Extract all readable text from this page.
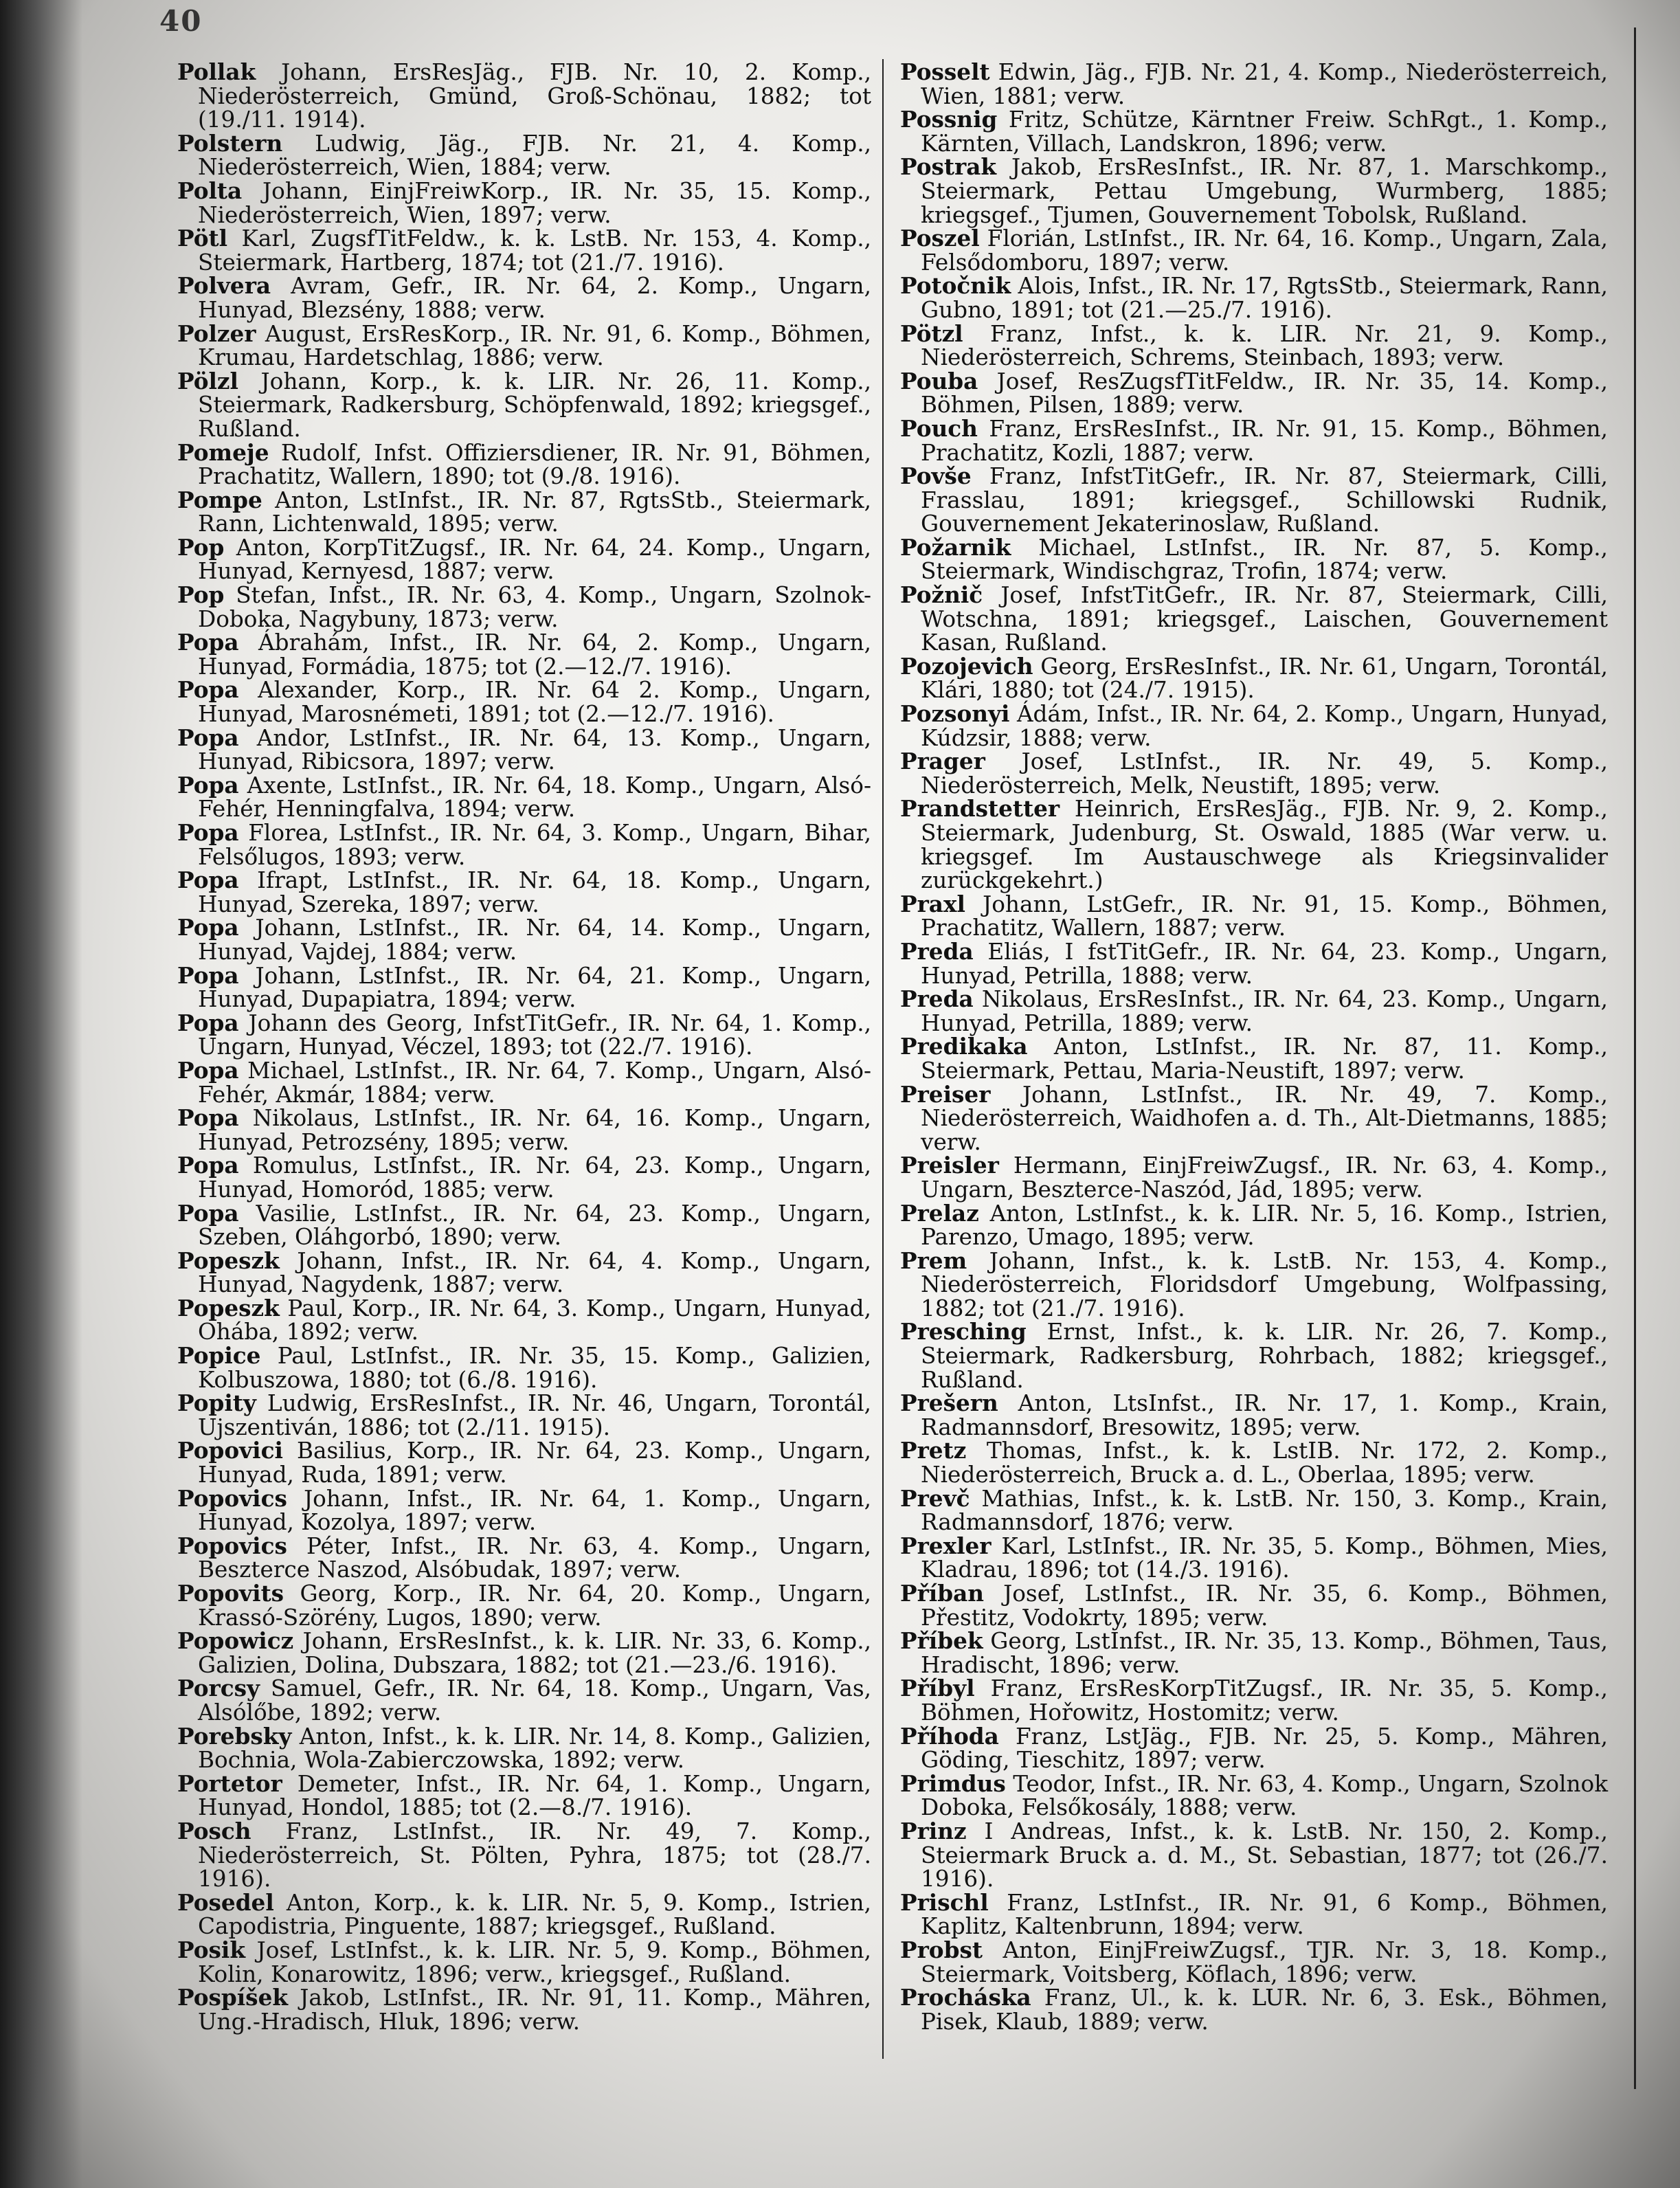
40

Pollak Johann, ErsResJäg., FJB. Nr. 10, 2. Komp., Niederösterreich, Gmünd, Groß-Schönau, 1882; tot (19./11. 1914).

Polstern Ludwig, Jäg., FJB. Nr. 21, 4. Komp., Niederösterreich, Wien, 1884; verw.

Polta Johann, EinjFreiwKorp., IR. Nr. 35, 15. Komp., Niederösterreich, Wien, 1897; verw.

Pötl Karl, ZugsfTitFeldw., k. k. LstB. Nr. 153, 4. Komp., Steiermark, Hartberg, 1874; tot (21./7. 1916).

Polvera Avram, Gefr., IR. Nr. 64, 2. Komp., Ungarn, Hunyad, Blezsény, 1888; verw.

Polzer August, ErsResKorp., IR. Nr. 91, 6. Komp., Böhmen, Krumau, Hardetschlag, 1886; verw.

Pölzl Johann, Korp., k. k. LIR. Nr. 26, 11. Komp., Steiermark, Radkersburg, Schöpfenwald, 1892; kriegsgef., Rußland.

Pomeje Rudolf, Infst. Offiziersdiener, IR. Nr. 91, Böhmen, Prachatitz, Wallern, 1890; tot (9./8. 1916).

Pompe Anton, LstInfst., IR. Nr. 87, RgtsStb., Steiermark, Rann, Lichtenwald, 1895; verw.

Pop Anton, KorpTitZugsf., IR. Nr. 64, 24. Komp., Ungarn, Hunyad, Kernyesd, 1887; verw.

Pop Stefan, Infst., IR. Nr. 63, 4. Komp., Ungarn, Szolnok-Doboka, Nagybuny, 1873; verw.

Popa Ábrahám, Infst., IR. Nr. 64, 2. Komp., Ungarn, Hunyad, Formádia, 1875; tot (2.—12./7. 1916).

Popa Alexander, Korp., IR. Nr. 64 2. Komp., Ungarn, Hunyad, Marosnémeti, 1891; tot (2.—12./7. 1916).

Popa Andor, LstInfst., IR. Nr. 64, 13. Komp., Ungarn, Hunyad, Ribicsora, 1897; verw.

Popa Axente, LstInfst., IR. Nr. 64, 18. Komp., Ungarn, Alsó-Fehér, Henningfalva, 1894; verw.

Popa Florea, LstInfst., IR. Nr. 64, 3. Komp., Ungarn, Bihar, Felsőlugos, 1893; verw.

Popa Ifrapt, LstInfst., IR. Nr. 64, 18. Komp., Ungarn, Hunyad, Szereka, 1897; verw.

Popa Johann, LstInfst., IR. Nr. 64, 14. Komp., Ungarn, Hunyad, Vajdej, 1884; verw.

Popa Johann, LstInfst., IR. Nr. 64, 21. Komp., Ungarn, Hunyad, Dupapiatra, 1894; verw.

Popa Johann des Georg, InfstTitGefr., IR. Nr. 64, 1. Komp., Ungarn, Hunyad, Véczel, 1893; tot (22./7. 1916).

Popa Michael, LstInfst., IR. Nr. 64, 7. Komp., Ungarn, Alsó-Fehér, Akmár, 1884; verw.

Popa Nikolaus, LstInfst., IR. Nr. 64, 16. Komp., Ungarn, Hunyad, Petrozsény, 1895; verw.

Popa Romulus, LstInfst., IR. Nr. 64, 23. Komp., Ungarn, Hunyad, Homoród, 1885; verw.

Popa Vasilie, LstInfst., IR. Nr. 64, 23. Komp., Ungarn, Szeben, Oláhgorbó, 1890; verw.

Popeszk Johann, Infst., IR. Nr. 64, 4. Komp., Ungarn, Hunyad, Nagydenk, 1887; verw.

Popeszk Paul, Korp., IR. Nr. 64, 3. Komp., Ungarn, Hunyad, Ohába, 1892; verw.

Popice Paul, LstInfst., IR. Nr. 35, 15. Komp., Galizien, Kolbuszowa, 1880; tot (6./8. 1916).

Popity Ludwig, ErsResInfst., IR. Nr. 46, Ungarn, Torontál, Ujszentiván, 1886; tot (2./11. 1915).

Popovici Basilius, Korp., IR. Nr. 64, 23. Komp., Ungarn, Hunyad, Ruda, 1891; verw.

Popovics Johann, Infst., IR. Nr. 64, 1. Komp., Ungarn, Hunyad, Kozolya, 1897; verw.

Popovics Péter, Infst., IR. Nr. 63, 4. Komp., Ungarn, Beszterce Naszod, Alsóbudak, 1897; verw.

Popovits Georg, Korp., IR. Nr. 64, 20. Komp., Ungarn, Krassó-Szörény, Lugos, 1890; verw.

Popowicz Johann, ErsResInfst., k. k. LIR. Nr. 33, 6. Komp., Galizien, Dolina, Dubszara, 1882; tot (21.—23./6. 1916).

Porcsy Samuel, Gefr., IR. Nr. 64, 18. Komp., Ungarn, Vas, Alsólőbe, 1892; verw.

Porebsky Anton, Infst., k. k. LIR. Nr. 14, 8. Komp., Galizien, Bochnia, Wola-Zabierczowska, 1892; verw.

Portetor Demeter, Infst., IR. Nr. 64, 1. Komp., Ungarn, Hunyad, Hondol, 1885; tot (2.—8./7. 1916).

Posch Franz, LstInfst., IR. Nr. 49, 7. Komp., Niederösterreich, St. Pölten, Pyhra, 1875; tot (28./7. 1916).

Posedel Anton, Korp., k. k. LIR. Nr. 5, 9. Komp., Istrien, Capodistria, Pinguente, 1887; kriegsgef., Rußland.

Posik Josef, LstInfst., k. k. LIR. Nr. 5, 9. Komp., Böhmen, Kolin, Konarowitz, 1896; verw., kriegsgef., Rußland.

Pospíšek Jakob, LstInfst., IR. Nr. 91, 11. Komp., Mähren, Ung.-Hradisch, Hluk, 1896; verw.

Posselt Edwin, Jäg., FJB. Nr. 21, 4. Komp., Niederösterreich, Wien, 1881; verw.

Possnig Fritz, Schütze, Kärntner Freiw. SchRgt., 1. Komp., Kärnten, Villach, Landskron, 1896; verw.

Postrak Jakob, ErsResInfst., IR. Nr. 87, 1. Marschkomp., Steiermark, Pettau Umgebung, Wurmberg, 1885; kriegsgef., Tjumen, Gouvernement Tobolsk, Rußland.

Poszel Florián, LstInfst., IR. Nr. 64, 16. Komp., Ungarn, Zala, Felsődomboru, 1897; verw.

Potočnik Alois, Infst., IR. Nr. 17, RgtsStb., Steiermark, Rann, Gubno, 1891; tot (21.—25./7. 1916).

Pötzl Franz, Infst., k. k. LIR. Nr. 21, 9. Komp., Niederösterreich, Schrems, Steinbach, 1893; verw.

Pouba Josef, ResZugsfTitFeldw., IR. Nr. 35, 14. Komp., Böhmen, Pilsen, 1889; verw.

Pouch Franz, ErsResInfst., IR. Nr. 91, 15. Komp., Böhmen, Prachatitz, Kozli, 1887; verw.

Povše Franz, InfstTitGefr., IR. Nr. 87, Steiermark, Cilli, Frasslau, 1891; kriegsgef., Schillowski Rudnik, Gouvernement Jekaterinoslaw, Rußland.

Požarnik Michael, LstInfst., IR. Nr. 87, 5. Komp., Steiermark, Windischgraz, Trofin, 1874; verw.

Požnič Josef, InfstTitGefr., IR. Nr. 87, Steiermark, Cilli, Wotschna, 1891; kriegsgef., Laischen, Gouvernement Kasan, Rußland.

Pozojevich Georg, ErsResInfst., IR. Nr. 61, Ungarn, Torontál, Klári, 1880; tot (24./7. 1915).

Pozsonyi Ádám, Infst., IR. Nr. 64, 2. Komp., Ungarn, Hunyad, Kúdzsir, 1888; verw.

Prager Josef, LstInfst., IR. Nr. 49, 5. Komp., Niederösterreich, Melk, Neustift, 1895; verw.

Prandstetter Heinrich, ErsResJäg., FJB. Nr. 9, 2. Komp., Steiermark, Judenburg, St. Oswald, 1885 (War verw. u. kriegsgef. Im Austauschwege als Kriegsinvalider zurückgekehrt.)

Praxl Johann, LstGefr., IR. Nr. 91, 15. Komp., Böhmen, Prachatitz, Wallern, 1887; verw.

Preda Eliás, I fstTitGefr., IR. Nr. 64, 23. Komp., Ungarn, Hunyad, Petrilla, 1888; verw.

Preda Nikolaus, ErsResInfst., IR. Nr. 64, 23. Komp., Ungarn, Hunyad, Petrilla, 1889; verw.

Predikaka Anton, LstInfst., IR. Nr. 87, 11. Komp., Steiermark, Pettau, Maria-Neustift, 1897; verw.

Preiser Johann, LstInfst., IR. Nr. 49, 7. Komp., Niederösterreich, Waidhofen a. d. Th., Alt-Dietmanns, 1885; verw.

Preisler Hermann, EinjFreiwZugsf., IR. Nr. 63, 4. Komp., Ungarn, Beszterce-Naszód, Jád, 1895; verw.

Prelaz Anton, LstInfst., k. k. LIR. Nr. 5, 16. Komp., Istrien, Parenzo, Umago, 1895; verw.

Prem Johann, Infst., k. k. LstB. Nr. 153, 4. Komp., Niederösterreich, Floridsdorf Umgebung, Wolfpassing, 1882; tot (21./7. 1916).

Presching Ernst, Infst., k. k. LIR. Nr. 26, 7. Komp., Steiermark, Radkersburg, Rohrbach, 1882; kriegsgef., Rußland.

Prešern Anton, LtsInfst., IR. Nr. 17, 1. Komp., Krain, Radmannsdorf, Bresowitz, 1895; verw.

Pretz Thomas, Infst., k. k. LstIB. Nr. 172, 2. Komp., Niederösterreich, Bruck a. d. L., Oberlaa, 1895; verw.

Prevč Mathias, Infst., k. k. LstB. Nr. 150, 3. Komp., Krain, Radmannsdorf, 1876; verw.

Prexler Karl, LstInfst., IR. Nr. 35, 5. Komp., Böhmen, Mies, Kladrau, 1896; tot (14./3. 1916).

Příban Josef, LstInfst., IR. Nr. 35, 6. Komp., Böhmen, Přestitz, Vodokrty, 1895; verw.

Příbek Georg, LstInfst., IR. Nr. 35, 13. Komp., Böhmen, Taus, Hradischt, 1896; verw.

Příbyl Franz, ErsResKorpTitZugsf., IR. Nr. 35, 5. Komp., Böhmen, Hořowitz, Hostomitz; verw.

Příhoda Franz, LstJäg., FJB. Nr. 25, 5. Komp., Mähren, Göding, Tieschitz, 1897; verw.

Primdus Teodor, Infst., IR. Nr. 63, 4. Komp., Ungarn, Szolnok Doboka, Felsőkosály, 1888; verw.

Prinz I Andreas, Infst., k. k. LstB. Nr. 150, 2. Komp., Steiermark Bruck a. d. M., St. Sebastian, 1877; tot (26./7. 1916).

Prischl Franz, LstInfst., IR. Nr. 91, 6 Komp., Böhmen, Kaplitz, Kaltenbrunn, 1894; verw.

Probst Anton, EinjFreiwZugsf., TJR. Nr. 3, 18. Komp., Steiermark, Voitsberg, Köflach, 1896; verw.

Procháska Franz, Ul., k. k. LUR. Nr. 6, 3. Esk., Böhmen, Pisek, Klaub, 1889; verw.
